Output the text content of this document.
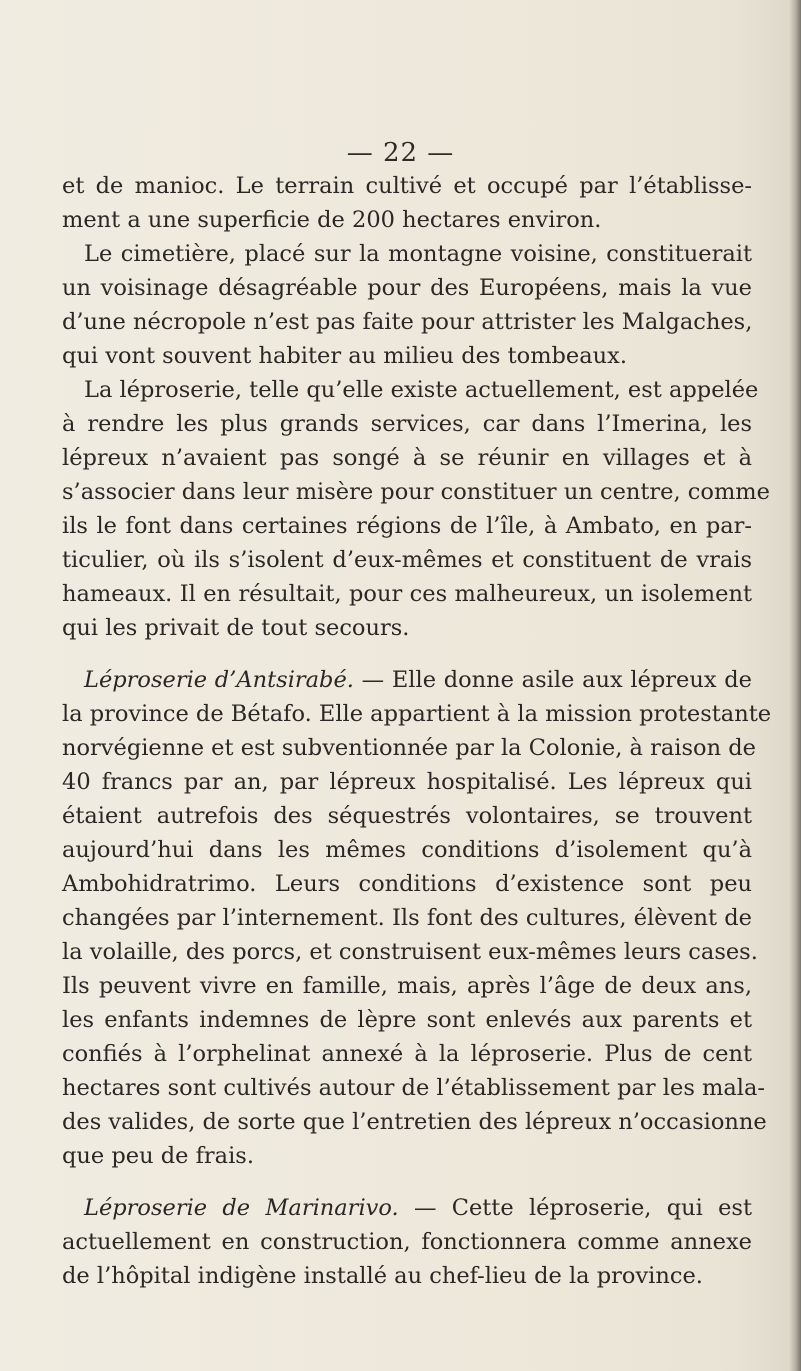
— 22 —
et de manioc. Le terrain cultivé et occupé par l’établisse-
ment a une superficie de 200 hectares environ.
Le cimetière, placé sur la montagne voisine, constituerait
un voisinage désagréable pour des Européens, mais la vue
d’une nécropole n’est pas faite pour attrister les Malgaches,
qui vont souvent habiter au milieu des tombeaux.
La léproserie, telle qu’elle existe actuellement, est appelée
à rendre les plus grands services, car dans l’Imerina, les
lépreux n’avaient pas songé à se réunir en villages et à
s’associer dans leur misère pour constituer un centre, comme
ils le font dans certaines régions de l’île, à Ambato, en par-
ticulier, où ils s’isolent d’eux-mêmes et constituent de vrais
hameaux. Il en résultait, pour ces malheureux, un isolement
qui les privait de tout secours.
Léproserie d’Antsirabé. — Elle donne asile aux lépreux de
la province de Bétafo. Elle appartient à la mission protestante
norvégienne et est subventionnée par la Colonie, à raison de
40 francs par an, par lépreux hospitalisé. Les lépreux qui
étaient autrefois des séquestrés volontaires, se trouvent
aujourd’hui dans les mêmes conditions d’isolement qu’à
Ambohidratrimo. Leurs conditions d’existence sont peu
changées par l’internement. Ils font des cultures, élèvent de
la volaille, des porcs, et construisent eux-mêmes leurs cases.
Ils peuvent vivre en famille, mais, après l’âge de deux ans,
les enfants indemnes de lèpre sont enlevés aux parents et
confiés à l’orphelinat annexé à la léproserie. Plus de cent
hectares sont cultivés autour de l’établissement par les mala-
des valides, de sorte que l’entretien des lépreux n’occasionne
que peu de frais.
Léproserie de Marinarivo. — Cette léproserie, qui est
actuellement en construction, fonctionnera comme annexe
de l’hôpital indigène installé au chef-lieu de la province.
